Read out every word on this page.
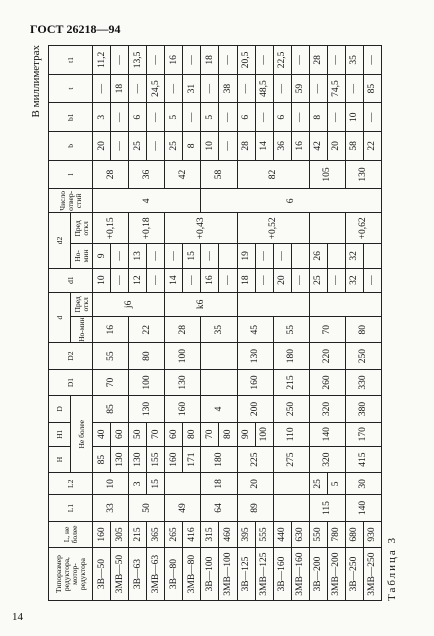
ГОСТ 26218—94
14
В миллиметрах
Таблица 3
Типоразмер редуктора, мотор-редуктора	L, не более	L1	L2	H	H1	D	D1	D2	d		d1	d2		Число отвер-стий	l	b	b1	t	t1
				Не более					Но-мин	Пред откл		Но-мин	Пред откл						
3В—50	160	33	10	85	40	85	70	55	16	j6	10	9	+0,15	4	28	20	3	—	11,2
3МВ—50	305			130	60						—	—				—	—	18	—
3В—63	215	50	3	130	50	130	100	80	22		12	13	+0,18		36	25	6	—	13,5
3МВ—63	365		15	155	70						—	—				—	—	24,5	—
3В—80	265	49		160	60	160	130	100	28	k6	14	—	+0,43		42	25	5	—	16
3МВ—80	416			171	80						—	15				8	—	31	—
3В—100	315	64	18	180	70	4			35		16	—		6	58	10	5	—	18
3МВ—100	460				80						—					—	—	38	—
3В—125	395	89	20	225	90	200	160	130	45		18	19	+0,52		82	28	6	—	20,5
3МВ—125	555				100						—	—				14	—	48,5	—
3В—160	440			275	110	250	215	180	55		20	—				36	6	—	22,5
3МВ—160	630										—					16	—	59	—
3В—200	550	115	25	320	140	320	260	220	70		25	26			105	42	8	—	28
3МВ—200	780		5								—					20	—	74,5	—
3В—250	680	140	30	415	170	380	330	250	80		32	32	+0,62		130	58	10	—	35
3МВ—250	930										—					22	—	85	—
